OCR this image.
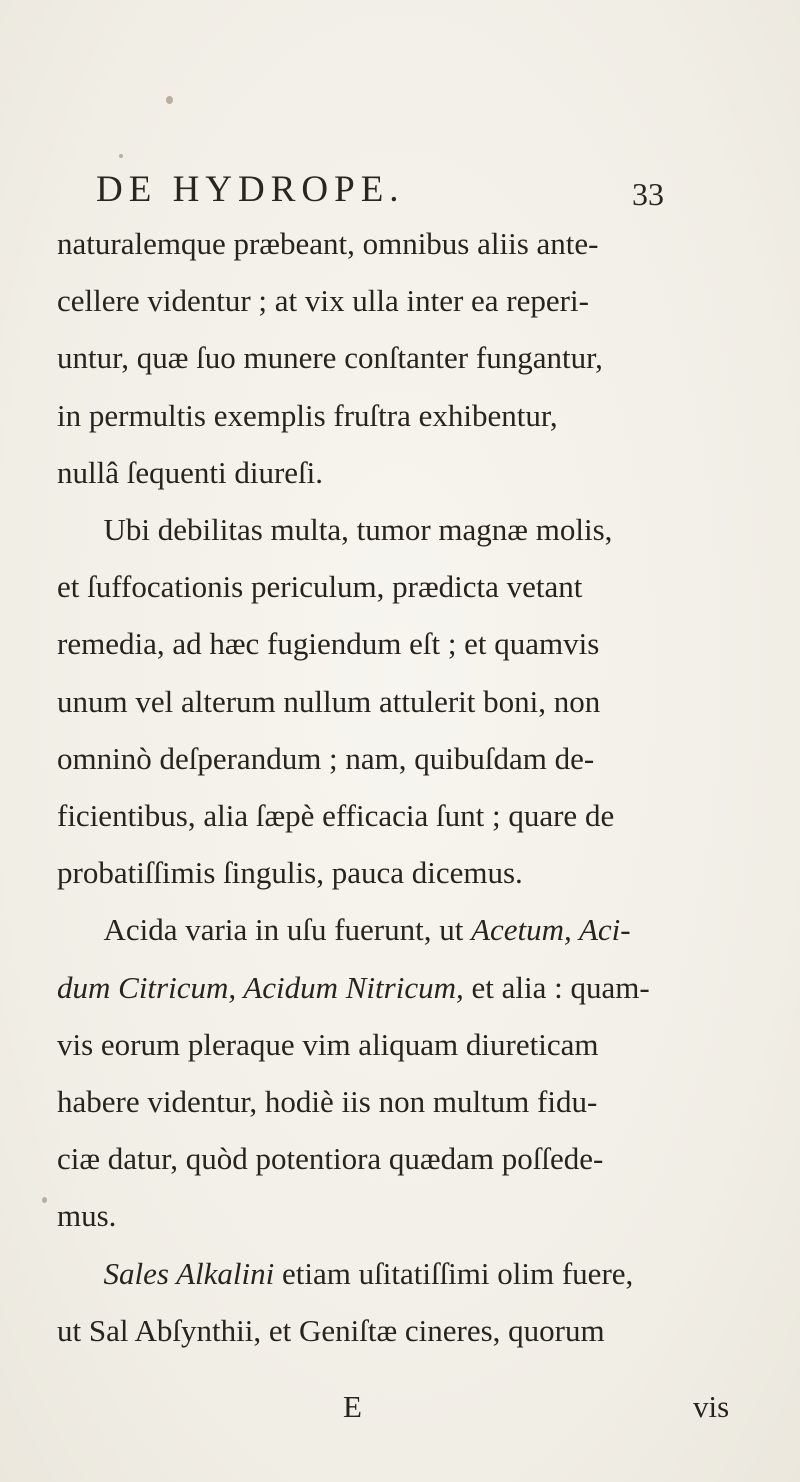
DE HYDROPE.	33
naturalemque præbeant, omnibus aliis ante-
cellere videntur ; at vix ulla inter ea reperi-
untur, quæ ſuo munere conſtanter fungantur,
in permultis exemplis fruſtra exhibentur,
nullâ ſequenti diureſi.
  Ubi debilitas multa, tumor magnæ molis,
et ſuffocationis periculum, prædicta vetant
remedia, ad hæc fugiendum eſt ; et quamvis
unum vel alterum nullum attulerit boni, non
omninò deſperandum ; nam, quibuſdam de-
ficientibus, alia ſæpè efficacia ſunt ; quare de
probatiſſimis ſingulis, pauca dicemus.
  Acida varia in uſu fuerunt, ut Acetum, Aci-
dum Citricum, Acidum Nitricum, et alia : quam-
vis eorum pleraque vim aliquam diureticam
habere videntur, hodiè iis non multum fidu-
ciæ datur, quòd potentiora quædam poſſede-
mus.
  Sales Alkalini etiam uſitatiſſimi olim fuere,
ut Sal Abſynthii, et Geniſtæ cineres, quorum
E	vis
